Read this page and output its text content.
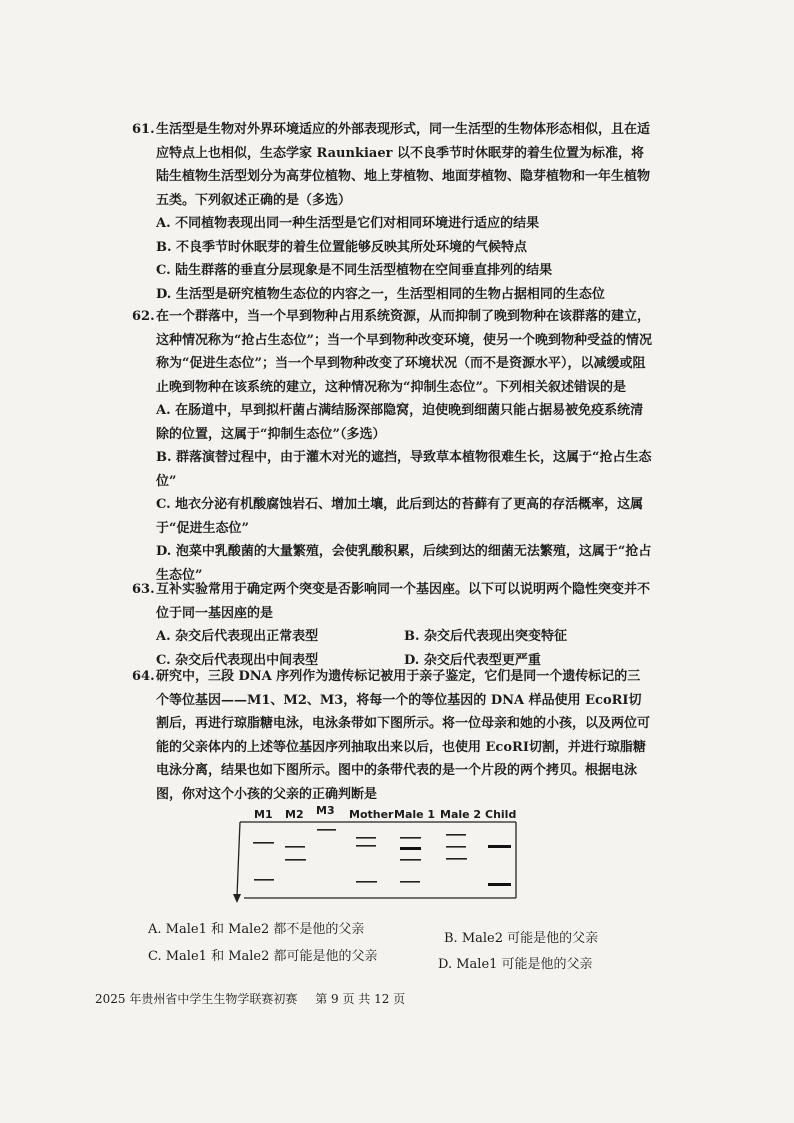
61. 生活型是生物对外界环境适应的外部表现形式，同一生活型的生物体形态相似，且在适应特点上也相似，生态学家 Raunkiaer 以不良季节时休眠芽的着生位置为标准，将陆生植物生活型划分为高芽位植物、地上芽植物、地面芽植物、隐芽植物和一年生植物五类。下列叙述正确的是（多选）
A. 不同植物表现出同一种生活型是它们对相同环境进行适应的结果
B. 不良季节时休眠芽的着生位置能够反映其所处环境的气候特点
C. 陆生群落的垂直分层现象是不同生活型植物在空间垂直排列的结果
D. 生活型是研究植物生态位的内容之一，生活型相同的生物占据相同的生态位
62. 在一个群落中，当一个早到物种占用系统资源，从而抑制了晚到物种在该群落的建立，这种情况称为“抢占生态位”；当一个早到物种改变环境，使另一个晚到物种受益的情况称为“促进生态位”；当一个早到物种改变了环境状况（而不是资源水平），以减缓或阻止晚到物种在该系统的建立，这种情况称为“抑制生态位”。下列相关叙述错误的是
A. 在肠道中，早到拟杆菌占满结肠深部隐窝，迫使晚到细菌只能占据易被免疫系统清除的位置，这属于“抑制生态位”（多选）
B. 群落演替过程中，由于灌木对光的遮挡，导致草本植物很难生长，这属于“抢占生态位”
C. 地衣分泌有机酸腐蚀岩石、增加土壤，此后到达的苔藓有了更高的存活概率，这属于“促进生态位”
D. 泡菜中乳酸菌的大量繁殖，会使乳酸积累，后续到达的细菌无法繁殖，这属于“抢占生态位”
63. 互补实验常用于确定两个突变是否影响同一个基因座。以下可以说明两个隐性突变并不位于同一基因座的是
A. 杂交后代表现出正常表型	B. 杂交后代表现出突变特征
C. 杂交后代表现出中间表型	D. 杂交后代表型更严重
64. 研究中，三段 DNA 序列作为遗传标记被用于亲子鉴定，它们是同一个遗传标记的三个等位基因——M1、M2、M3，将每一个的等位基因的 DNA 样品使用 EcoRI切割后，再进行琼脂糖电泳，电泳条带如下图所示。将一位母亲和她的小孩，以及两位可能的父亲体内的上述等位基因序列抽取出来以后，也使用 EcoRI切割，并进行琼脂糖电泳分离，结果也如下图所示。图中的条带代表的是一个片段的两个拷贝。根据电泳图，你对这个小孩的父亲的正确判断是
M1 M2 M3 Mother Male 1 Male 2 Child
A. Male1 和 Male2 都不是他的父亲
B. Male2 可能是他的父亲
C. Male1 和 Male2 都可能是他的父亲
D. Male1 可能是他的父亲
2025 年贵州省中学生生物学联赛初赛 第 9 页 共 12 页
